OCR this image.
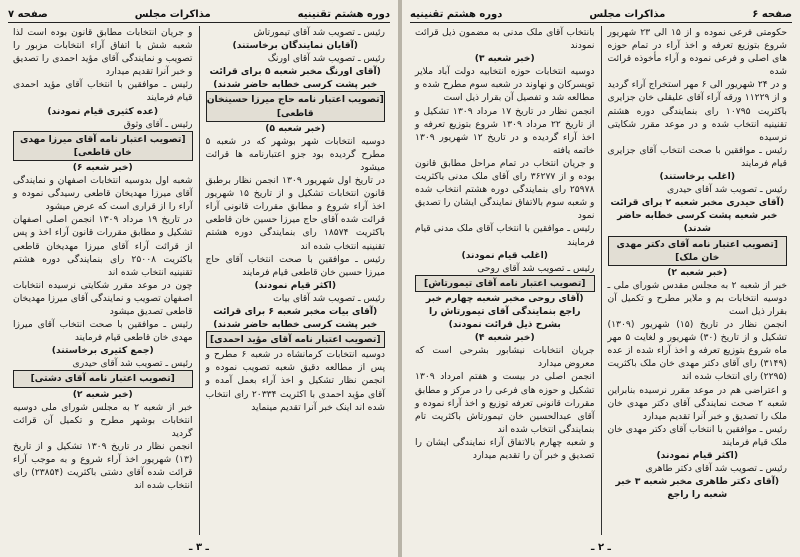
دوره هشتم تقنینیه
مذاکرات مجلس
صفحه ۷

رئیس ـ تصویب شد آقای تیمورتاش

(آقایان نمایندگان برخاستند)

رئیس ـ تصویب شد آقای اورنگ

(آقای اورنگ مخبر شعبه ۵ برای قرائت خبر پشت کرسی خطابه حاضر شدند)

[تصویب اعتبار نامه حاج میرزا حسینخان قاطعی]

(خبر شعبه ۵)

دوسیه انتخابات شهر بوشهر که در شعبه ۵ مطرح گردیده بود جزو اعتبارنامه ها قرائت میشود

در تاریخ اول شهریور ۱۳۰۹ انجمن نظار برطبق قانون انتخابات تشکیل و از تاریخ ۱۵ شهریور اخذ آراء شروع و مطابق مقررات قانونی آراء قرائت شده آقای حاج میرزا حسین خان قاطعی باکثریت ۱۸۵۷۴ رای بنمایندگی دوره هشتم تقنینیه انتخاب شده اند

رئیس ـ موافقین با صحت انتخاب آقای حاج میرزا حسین خان قاطعی قیام فرمایند

(اکثر قیام نمودند)

رئیس ـ تصویب شد آقای بیات

(آقای بیات مخبر شعبه ۶ برای قرائت خبر پشت کرسی خطابه حاضر شدند)

[تصویب اعتبار نامه آقای مؤید احمدی]

دوسیه انتخابات کرمانشاه در شعبه ۶ مطرح و پس از مطالعه دقیق شعبه تصویب نموده و انجمن نظار تشکیل و اخذ آراء بعمل آمده و آقای مؤید احمدی با اکثریت ۲۰۳۳۴ رای انتخاب شده اند اینک خبر آنرا تقدیم مینماید

و جریان انتخابات مطابق قانون بوده است لذا شعبه شش با اتفاق آراء انتخابات مزبور را تصویب و نمایندگی آقای مؤید احمدی را تصدیق و خبر آنرا تقدیم میدارد

رئیس ـ موافقین با انتخاب آقای مؤید احمدی قیام فرمایند

(عده کثیری قیام نمودند)

رئیس ـ آقای وثوق

[تصویب اعتبار نامه آقای میرزا مهدی خان قاطعی]

(خبر شعبه ۶)

شعبه اول بدوسیه انتخابات اصفهان و نمایندگی آقای میرزا مهدیخان قاطعی رسیدگی نموده و آراء را از قراری است که عرض میشود

در تاریخ ۱۹ مرداد ۱۳۰۹ انجمن اصلی اصفهان تشکیل و مطابق مقررات قانون آراء اخذ و پس از قرائت آراء آقای میرزا مهدیخان قاطعی باکثریت ۲۵۰۰۸ رای بنمایندگی دوره هشتم تقنینیه انتخاب شده اند

چون در موعد مقرر شکایتی نرسیده انتخابات اصفهان تصویب و نمایندگی آقای میرزا مهدیخان قاطعی تصدیق میشود

رئیس ـ موافقین با صحت انتخاب آقای میرزا مهدی خان قاطعی قیام فرمایند

(جمع کثیری برخاستند)

رئیس ـ تصویب شد آقای حیدری

[تصویب اعتبار نامه آقای دشتی]

(خبر شعبه ۲)

خبر از شعبه ۲ به مجلس شورای ملی دوسیه انتخابات بوشهر مطرح و تکمیل آن قرائت گردید

انجمن نظار در تاریخ ۱۳۰۹ تشکیل و از تاریخ (۱۳) شهریور اخذ آراء شروع و به موجب آراء قرائت شده آقای دشتی باکثریت (۲۳۸۵۴) رای انتخاب شده اند

ـ ۳ ـ
صفحه ۶
مذاکرات مجلس
دوره هشتم تقنینیه

حکومتی فرعی نموده و از ۱۵ الی ۲۳ شهریور شروع بتوزیع تعرفه و اخذ آراء در تمام حوزه های اصلی و فرعی نموده و آراء مأخوذه قرائت شده

و در ۲۴ شهریور الی ۶ مهر استخراج آراء گردید و از ۱۱۲۲۹ ورقه آراء آقای علیقلی خان جزایری باکثریت ۱۰۷۹۵ رای بنمایندگی دوره هشتم تقنینیه انتخاب شده و در موعد مقرر شکایتی نرسیده

رئیس ـ موافقین با صحت انتخاب آقای جزایری قیام فرمایند

(اغلب برخاستند)

رئیس ـ تصویب شد آقای حیدری

(آقای حیدری مخبر شعبه ۲ برای قرائت خبر شعبه پشت کرسی خطابه حاضر شدند)

[تصویب اعتبار نامه آقای دکتر مهدی خان ملک]

(خبر شعبه ۲)

خبر از شعبه ۲ به مجلس مقدس شورای ملی ـ دوسیه انتخابات بم و ملایر مطرح و تکمیل آن بقرار ذیل است

انجمن نظار در تاریخ (۱۵) شهریور (۱۳۰۹) تشکیل و از تاریخ (۳۰) شهریور و لغایت ۵ مهر ماه شروع بتوزیع تعرفه و اخذ آراء شده از عده (۳۱۴۹) رای آقای دکتر مهدی خان ملک باکثریت (۲۲۹۵) رای انتخاب شده اند

و اعتراضی هم در موعد مقرر نرسیده بنابراین شعبه ۲ صحت نمایندگی آقای دکتر مهدی خان ملک را تصدیق و خبر آنرا تقدیم میدارد

رئیس ـ موافقین با انتخاب آقای دکتر مهدی خان ملک قیام فرمایند

(اکثر قیام نمودند)

رئیس ـ تصویب شد آقای دکتر طاهری

(آقای دکتر طاهری مخبر شعبه ۳ خبر شعبه را راجع

بانتخاب آقای ملک مدنی به مضمون ذیل قرائت نمودند

(خبر شعبه ۳)

دوسیه انتخابات حوزه انتخابیه دولت آباد ملایر تویسرکان و نهاوند در شعبه سوم مطرح شده و مطالعه شد و تفصیل آن بقرار ذیل است

انجمن نظار در تاریخ ۱۷ مرداد ۱۳۰۹ تشکیل و از تاریخ ۲۲ مرداد ۱۳۰۹ شروع بتوزیع تعرفه و اخذ آراء گردیده و در تاریخ ۱۲ شهریور ۱۳۰۹ خاتمه یافته

و جریان انتخاب در تمام مراحل مطابق قانون بوده و از ۳۶۲۷۷ رای آقای ملک مدنی باکثریت ۲۵۹۷۸ رای بنمایندگی دوره هشتم انتخاب شده و شعبه سوم بالاتفاق نمایندگی ایشان را تصدیق نمود

رئیس ـ موافقین با انتخاب آقای ملک مدنی قیام فرمایند

(اغلب قیام نمودند)

رئیس ـ تصویب شد آقای روحی

[تصویب اعتبار نامه آقای تیمورتاش]

(آقای روحی مخبر شعبه چهارم خبر راجع بنمایندگی آقای تیمورتاش را بشرح ذیل قرائت نمودند)

(خبر شعبه ۴)

جریان انتخابات نیشابور بشرحی است که معروض میدارد

انجمن اصلی در بیست و هفتم امرداد ۱۳۰۹ تشکیل و حوزه های فرعی را در مرکز و مطابق مقررات قانونی تعرفه توزیع و اخذ آراء نموده و آقای عبدالحسین خان تیمورتاش باکثریت تام بنمایندگی انتخاب شده اند

و شعبه چهارم بالاتفاق آراء نمایندگی ایشان را تصدیق و خبر آن را تقدیم میدارد

ـ ۲ ـ
